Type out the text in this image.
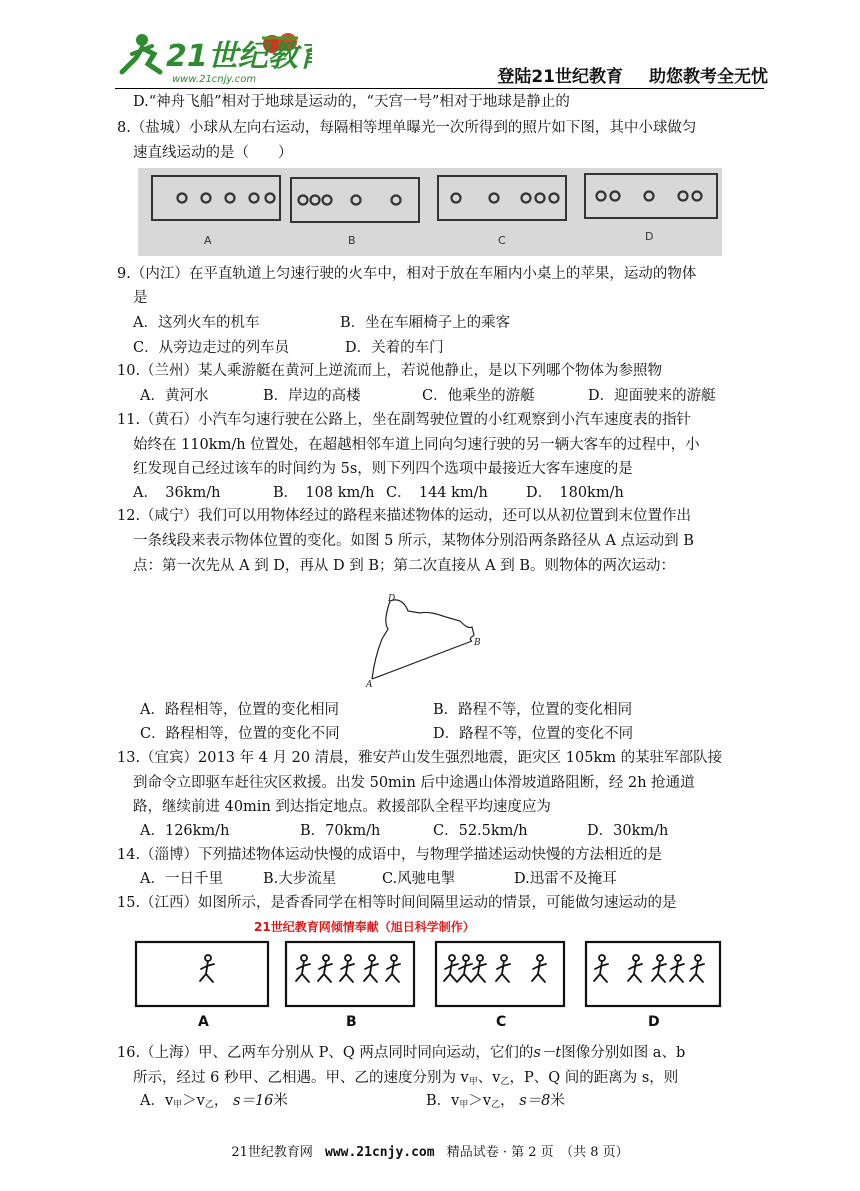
21世纪教育
www.21cnjy.com	登陆21世纪教育 助您教考全无忧
D.“神舟飞船”相对于地球是运动的，“天宫一号”相对于地球是静止的
8.（盐城）小球从左向右运动，每隔相等埋单曝光一次所得到的照片如下图，其中小球做匀
速直线运动的是（　　）
A	B	C	D
9.（内江）在平直轨道上匀速行驶的火车中，相对于放在车厢内小桌上的苹果，运动的物体
是
A．这列火车的机车	B．坐在车厢椅子上的乘客
C．从旁边走过的列车员	D．关着的车门
10.（兰州）某人乘游艇在黄河上逆流而上，若说他静止，是以下列哪个物体为参照物
A．黄河水	B．岸边的高楼	C．他乘坐的游艇	D．迎面驶来的游艇
11.（黄石）小汽车匀速行驶在公路上，坐在副驾驶位置的小红观察到小汽车速度表的指针
始终在 110km/h 位置处，在超越相邻车道上同向匀速行驶的另一辆大客车的过程中，小
红发现自己经过该车的时间约为 5s，则下列四个选项中最接近大客车速度的是
A．　36km/h	B．　108 km/h C．　144 km/h	D．　180km/h
12.（咸宁）我们可以用物体经过的路程来描述物体的运动，还可以从初位置到末位置作出
一条线段来表示物体位置的变化。如图 5 所示，某物体分别沿两条路径从 A 点运动到 B
点：第一次先从 A 到 D，再从 D 到 B；第二次直接从 A 到 B。则物体的两次运动：
D
B
A
A．路程相等，位置的变化相同	B．路程不等，位置的变化相同
C．路程相等，位置的变化不同	D．路程不等，位置的变化不同
13.（宜宾）2013 年 4 月 20 清晨，雅安芦山发生强烈地震，距灾区 105km 的某驻军部队接
到命令立即驱车赶往灾区救援。出发 50min 后中途遇山体滑坡道路阻断，经 2h 抢通道
路，继续前进 40min 到达指定地点。救援部队全程平均速度应为
A．126km/h	B．70km/h	C．52.5km/h	D．30km/h
14.（淄博）下列描述物体运动快慢的成语中，与物理学描述运动快慢的方法相近的是
A．一日千里	B.大步流星	C.风驰电掣	D.迅雷不及掩耳
15.（江西）如图所示，是香香同学在相等时间间隔里运动的情景，可能做匀速运动的是
21世纪教育网倾情奉献（旭日科学制作）
A	B	C	D
16.（上海）甲、乙两车分别从 P、Q 两点同时同向运动，它们的s－t图像分别如图 a、b
所示，经过 6 秒甲、乙相遇。甲、乙的速度分别为 $v_甲$、$v_乙$，P、Q 间的距离为 s，则
A．$v_甲>v_乙$， s＝16米	B．$v_甲>v_乙$， s＝8米
21世纪教育网 www.21cnjy.com 精品试卷 · 第 2 页　（共 8 页）
